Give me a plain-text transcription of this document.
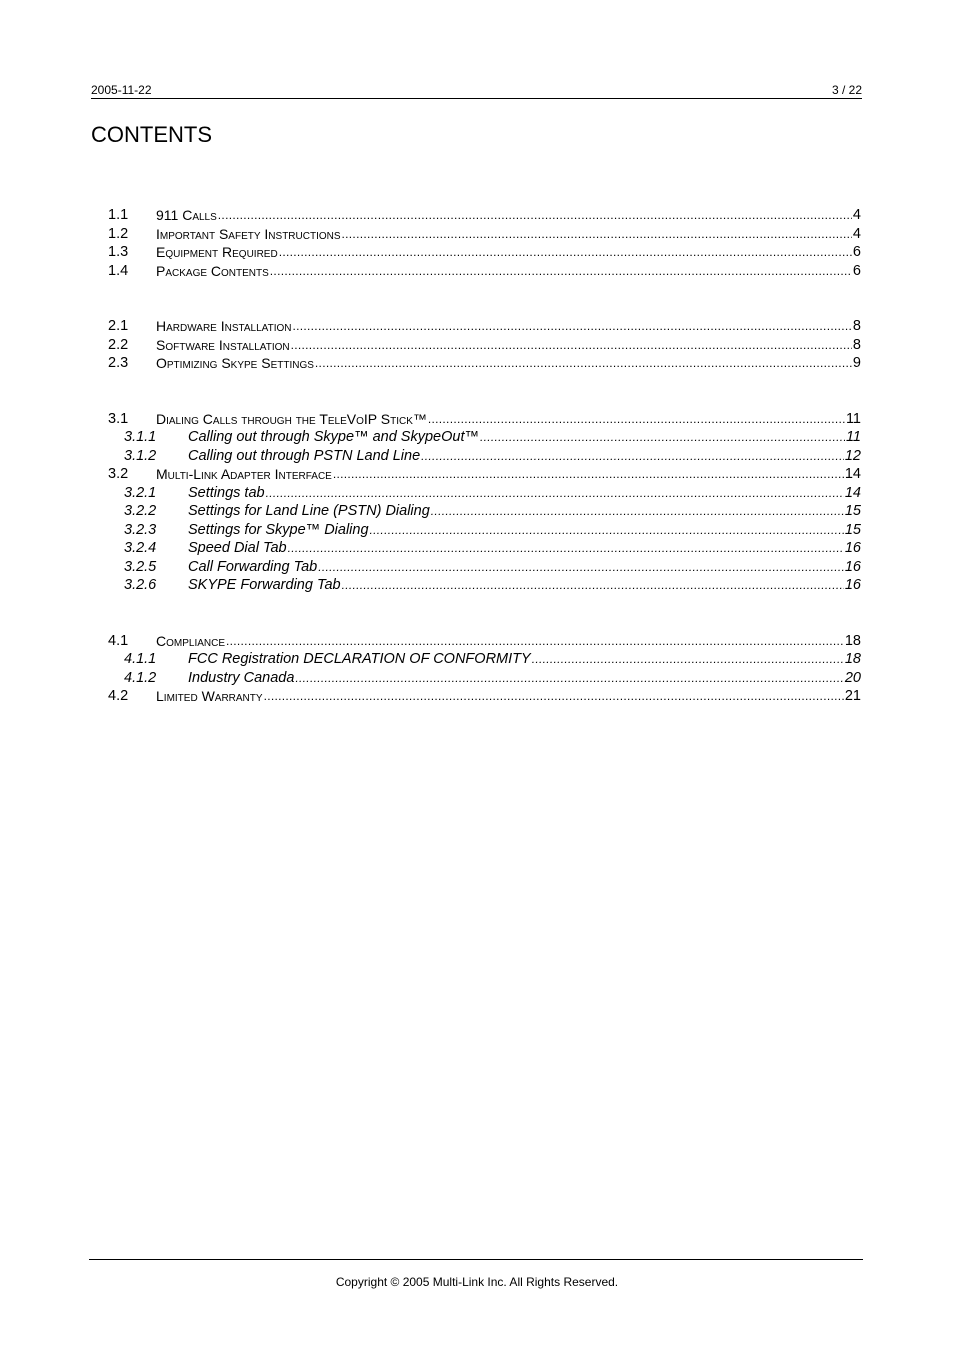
2005-11-22	3 / 22
CONTENTS
1.1 911 Calls .....	4
1.2 Important Safety Instructions .....	4
1.3 Equipment Required .....	6
1.4 Package Contents .....	6
2.1 Hardware Installation .....	8
2.2 Software Installation .....	8
2.3 Optimizing Skype Settings .....	9
3.1 Dialing Calls through the TeleVoIP Stick™ .....	11
3.1.1 Calling out through Skype™ and SkypeOut™ .....	11
3.1.2 Calling out through PSTN Land Line .....	12
3.2 Multi-Link Adapter Interface .....	14
3.2.1 Settings tab .....	14
3.2.2 Settings for Land Line (PSTN) Dialing .....	15
3.2.3 Settings for Skype™ Dialing .....	15
3.2.4 Speed Dial Tab .....	16
3.2.5 Call Forwarding Tab .....	16
3.2.6 SKYPE Forwarding Tab .....	16
4.1 Compliance .....	18
4.1.1 FCC Registration DECLARATION OF CONFORMITY .....	18
4.1.2 Industry Canada .....	20
4.2 Limited Warranty .....	21
Copyright © 2005 Multi-Link Inc. All Rights Reserved.
